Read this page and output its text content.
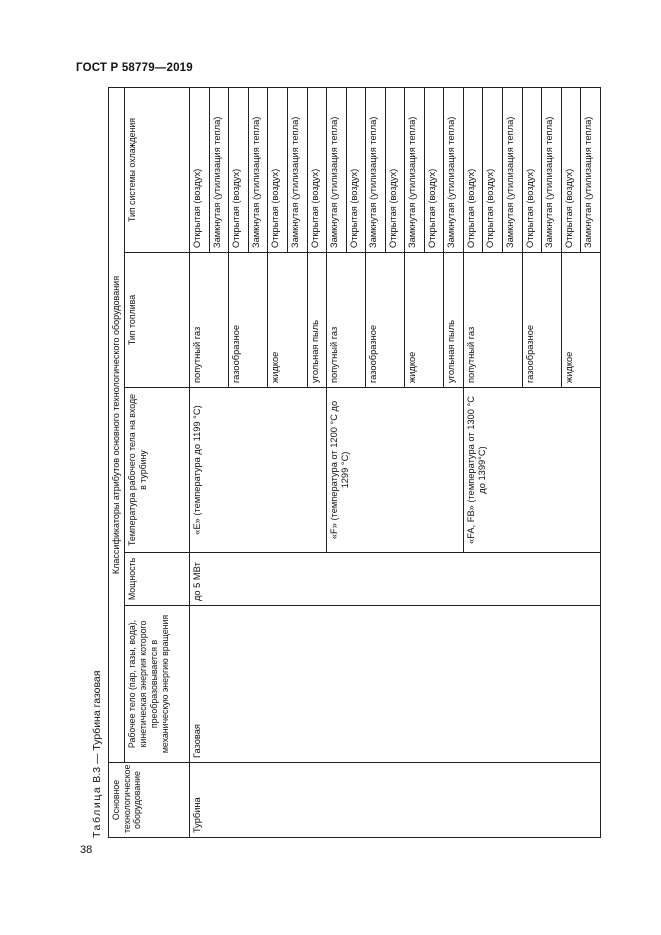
ГОСТ Р 58779—2019
Таблица В.3 — Турбина газовая
Основное технологическое оборудование	Классификаторы атрибутов основного технологического оборудования				
	Рабочее тело (пар, газы, вода), кинетическая энергия которого преобразовывается в механическую энергию вращения	Мощность	Температура рабочего тела на входе в турбину	Тип топлива	Тип системы охлаждения
Турбина	Газовая	до 5 МВт	«E» (температура до 1199 °С)	попутный газ	Открытая (воздух)
					Замкнутая (утилизация тепла)
				газообразное	Открытая (воздух)
					Замкнутая (утилизация тепла)
				жидкое	Открытая (воздух)
					Замкнутая (утилизация тепла)
				угольная пыль	Открытая (воздух)
			«F» (температура от 1200 °С до 1299 °С)	попутный газ	Замкнутая (утилизация тепла)
					Открытая (воздух)
				газообразное	Замкнутая (утилизация тепла)
					Открытая (воздух)
				жидкое	Замкнутая (утилизация тепла)
					Открытая (воздух)
				угольная пыль	Замкнутая (утилизация тепла)
			«FA, FB» (температура от 1300 °С до 1399°С)	попутный газ	Открытая (воздух)
					Открытая (воздух)
					Замкнутая (утилизация тепла)
				газообразное	Открытая (воздух)
					Замкнутая (утилизация тепла)
				жидкое	Открытая (воздух)
					Замкнутая (утилизация тепла)
38
